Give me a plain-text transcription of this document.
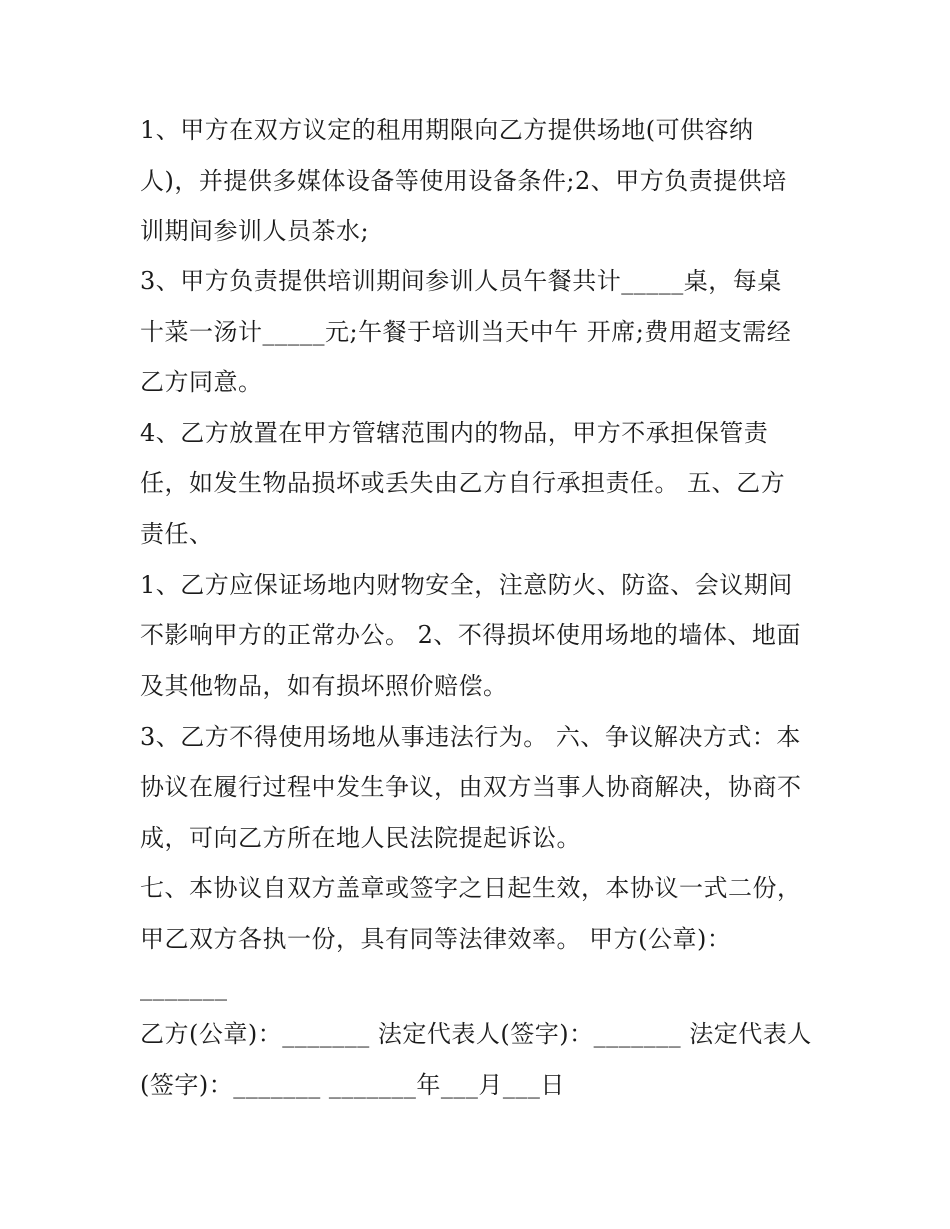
1、甲方在双方议定的租用期限向乙方提供场地(可供容纳
人)，并提供多媒体设备等使用设备条件;2、甲方负责提供培
训期间参训人员茶水;
3、甲方负责提供培训期间参训人员午餐共计_____桌，每桌
十菜一汤计_____元;午餐于培训当天中午 开席;费用超支需经
乙方同意。
4、乙方放置在甲方管辖范围内的物品，甲方不承担保管责
任，如发生物品损坏或丢失由乙方自行承担责任。 五、乙方
责任、
1、乙方应保证场地内财物安全，注意防火、防盗、会议期间
不影响甲方的正常办公。 2、不得损坏使用场地的墙体、地面
及其他物品，如有损坏照价赔偿。
3、乙方不得使用场地从事违法行为。 六、争议解决方式：本
协议在履行过程中发生争议，由双方当事人协商解决，协商不
成，可向乙方所在地人民法院提起诉讼。
七、本协议自双方盖章或签字之日起生效，本协议一式二份，
甲乙双方各执一份，具有同等法律效率。 甲方(公章)：
_______
乙方(公章)：_______ 法定代表人(签字)：_______ 法定代表人
(签字)：_______ _______年___月___日
